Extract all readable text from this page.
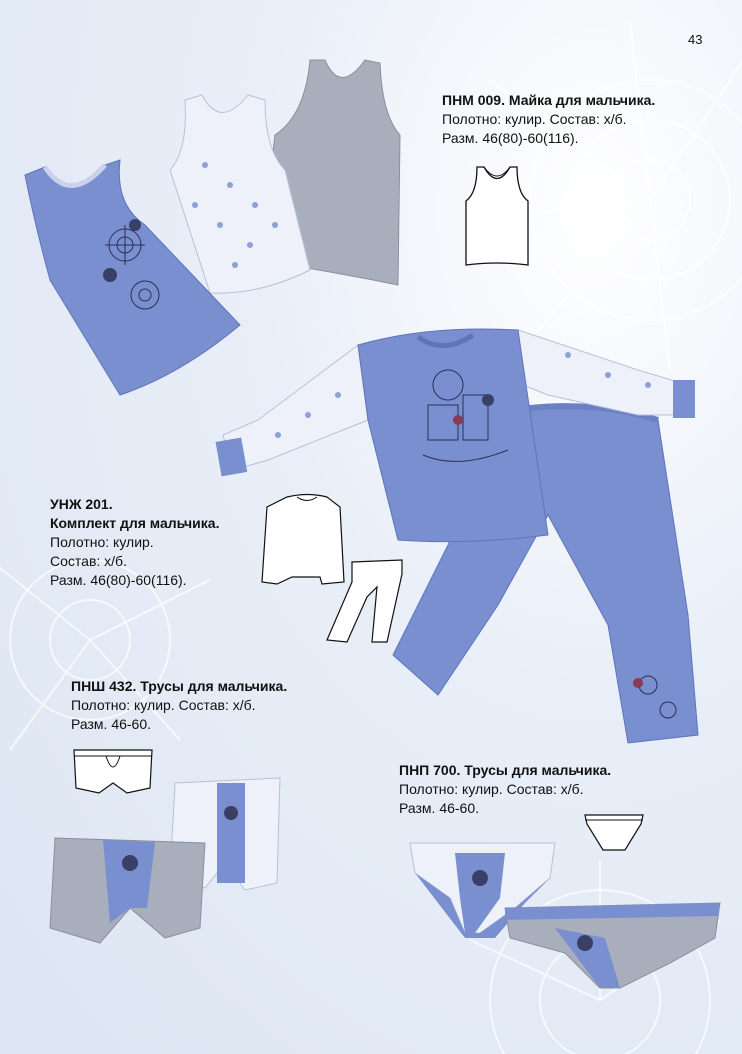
43
ПНМ 009. Майка для мальчика.
Полотно: кулир. Состав: х/б.
Разм. 46(80)-60(116).
УНЖ 201.
Комплект для мальчика.
Полотно: кулир.
Состав: х/б.
Разм. 46(80)-60(116).
ПНШ 432. Трусы для мальчика.
Полотно: кулир. Состав: х/б.
Разм. 46-60.
ПНП 700. Трусы для мальчика.
Полотно: кулир. Состав: х/б.
Разм. 46-60.
